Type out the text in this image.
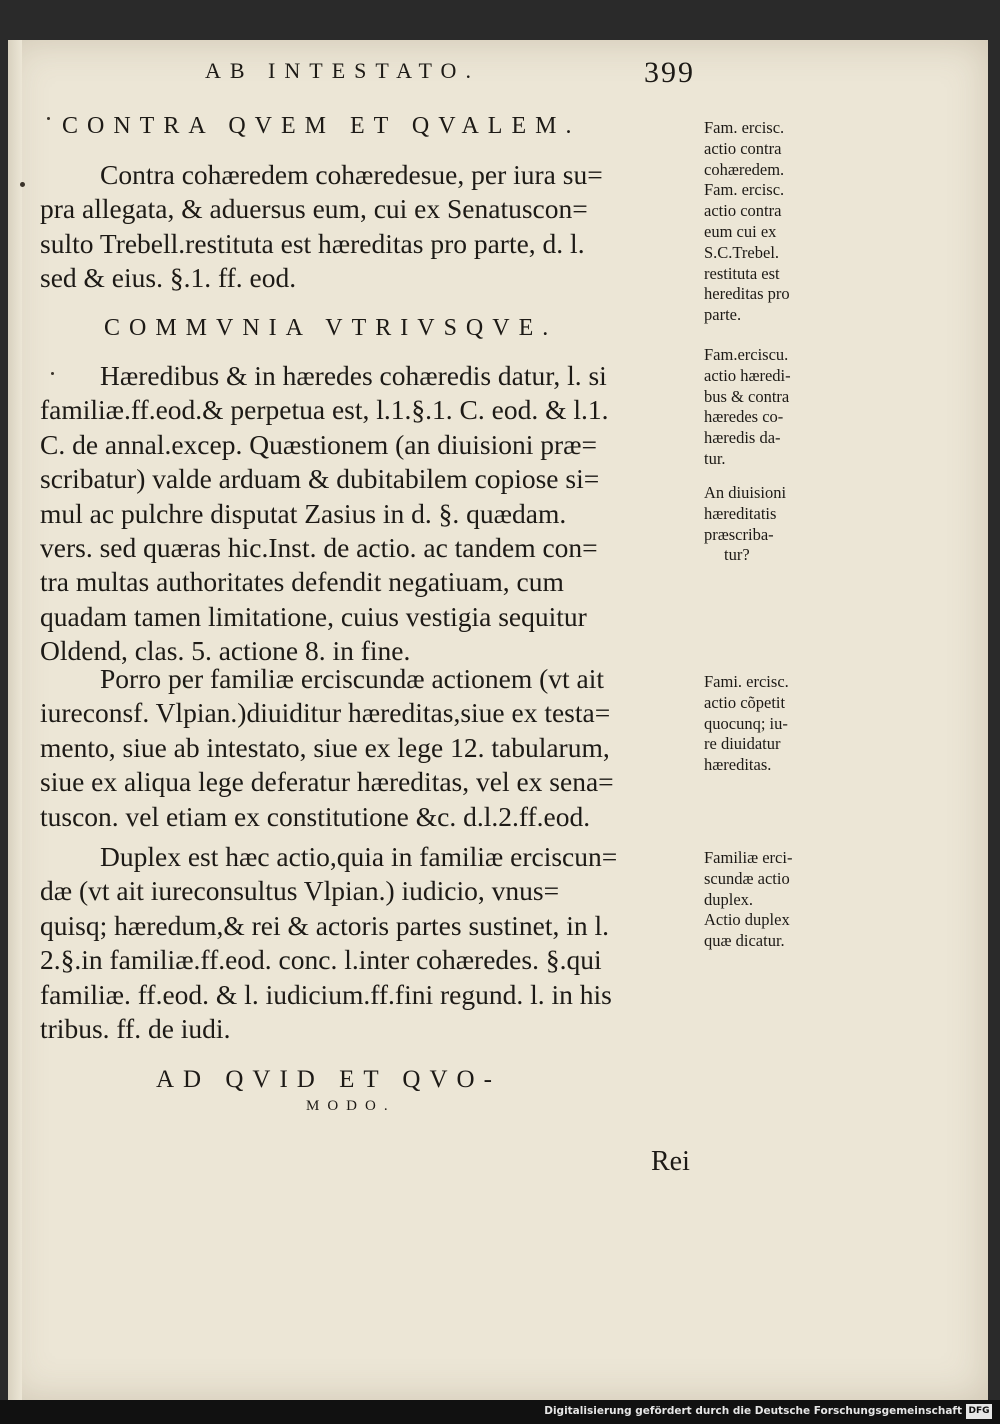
AB INTESTATO.	399
CONTRA QVEM ET QVALEM.
Contra cohæredem cohæredesue, per iura su=
pra allegata, & aduersus eum, cui ex Senatuscon=
sulto Trebell.restituta est hæreditas pro parte, d. l.
sed & eius. §.1. ff. eod.
COMMVNIA VTRIVSQVE.
Hæredibus & in hæredes cohæredis datur, l. si
familiæ.ff.eod.& perpetua est, l.1.§.1. C. eod. & l.1.
C. de annal.excep. Quæstionem (an diuisioni præ=
scribatur) valde arduam & dubitabilem copiose si=
mul ac pulchre disputat Zasius in d. §. quædam.
vers. sed quæras hic.Inst. de actio. ac tandem con=
tra multas authoritates defendit negatiuam, cum
quadam tamen limitatione, cuius vestigia sequitur
Oldend, clas. 5. actione 8. in fine.
Porro per familiæ erciscundæ actionem (vt ait
iureconsf. Vlpian.)diuiditur hæreditas,siue ex testa=
mento, siue ab intestato, siue ex lege 12. tabularum,
siue ex aliqua lege deferatur hæreditas, vel ex sena=
tuscon. vel etiam ex constitutione &c. d.l.2.ff.eod.
Duplex est hæc actio,quia in familiæ erciscun=
dæ (vt ait iureconsultus Vlpian.) iudicio, vnus=
quisq; hæredum,& rei & actoris partes sustinet, in l.
2.§.in familiæ.ff.eod. conc. l.inter cohæredes. §.qui
familiæ. ff.eod. & l. iudicium.ff.fini regund. l. in his
tribus. ff. de iudi.
AD QVID ET QVO-
MODO.
Rei
Fam. ercisc.
actio contra
cohæredem.
Fam. ercisc.
actio contra
eum cui ex
S.C.Trebel.
restituta est
hereditas pro
parte.
Fam.erciscu.
actio hæredi-
bus & contra
hæredes co-
hæredis da-
tur.
An diuisioni
hæreditatis
præscriba-
tur?
Fami. ercisc.
actio cõpetit
quocunq; iu-
re diuidatur
hæreditas.
Familiæ erci-
scundæ actio
duplex.
Actio duplex
quæ dicatur.
Digitalisierung gefördert durch die Deutsche Forschungsgemeinschaft DFG
